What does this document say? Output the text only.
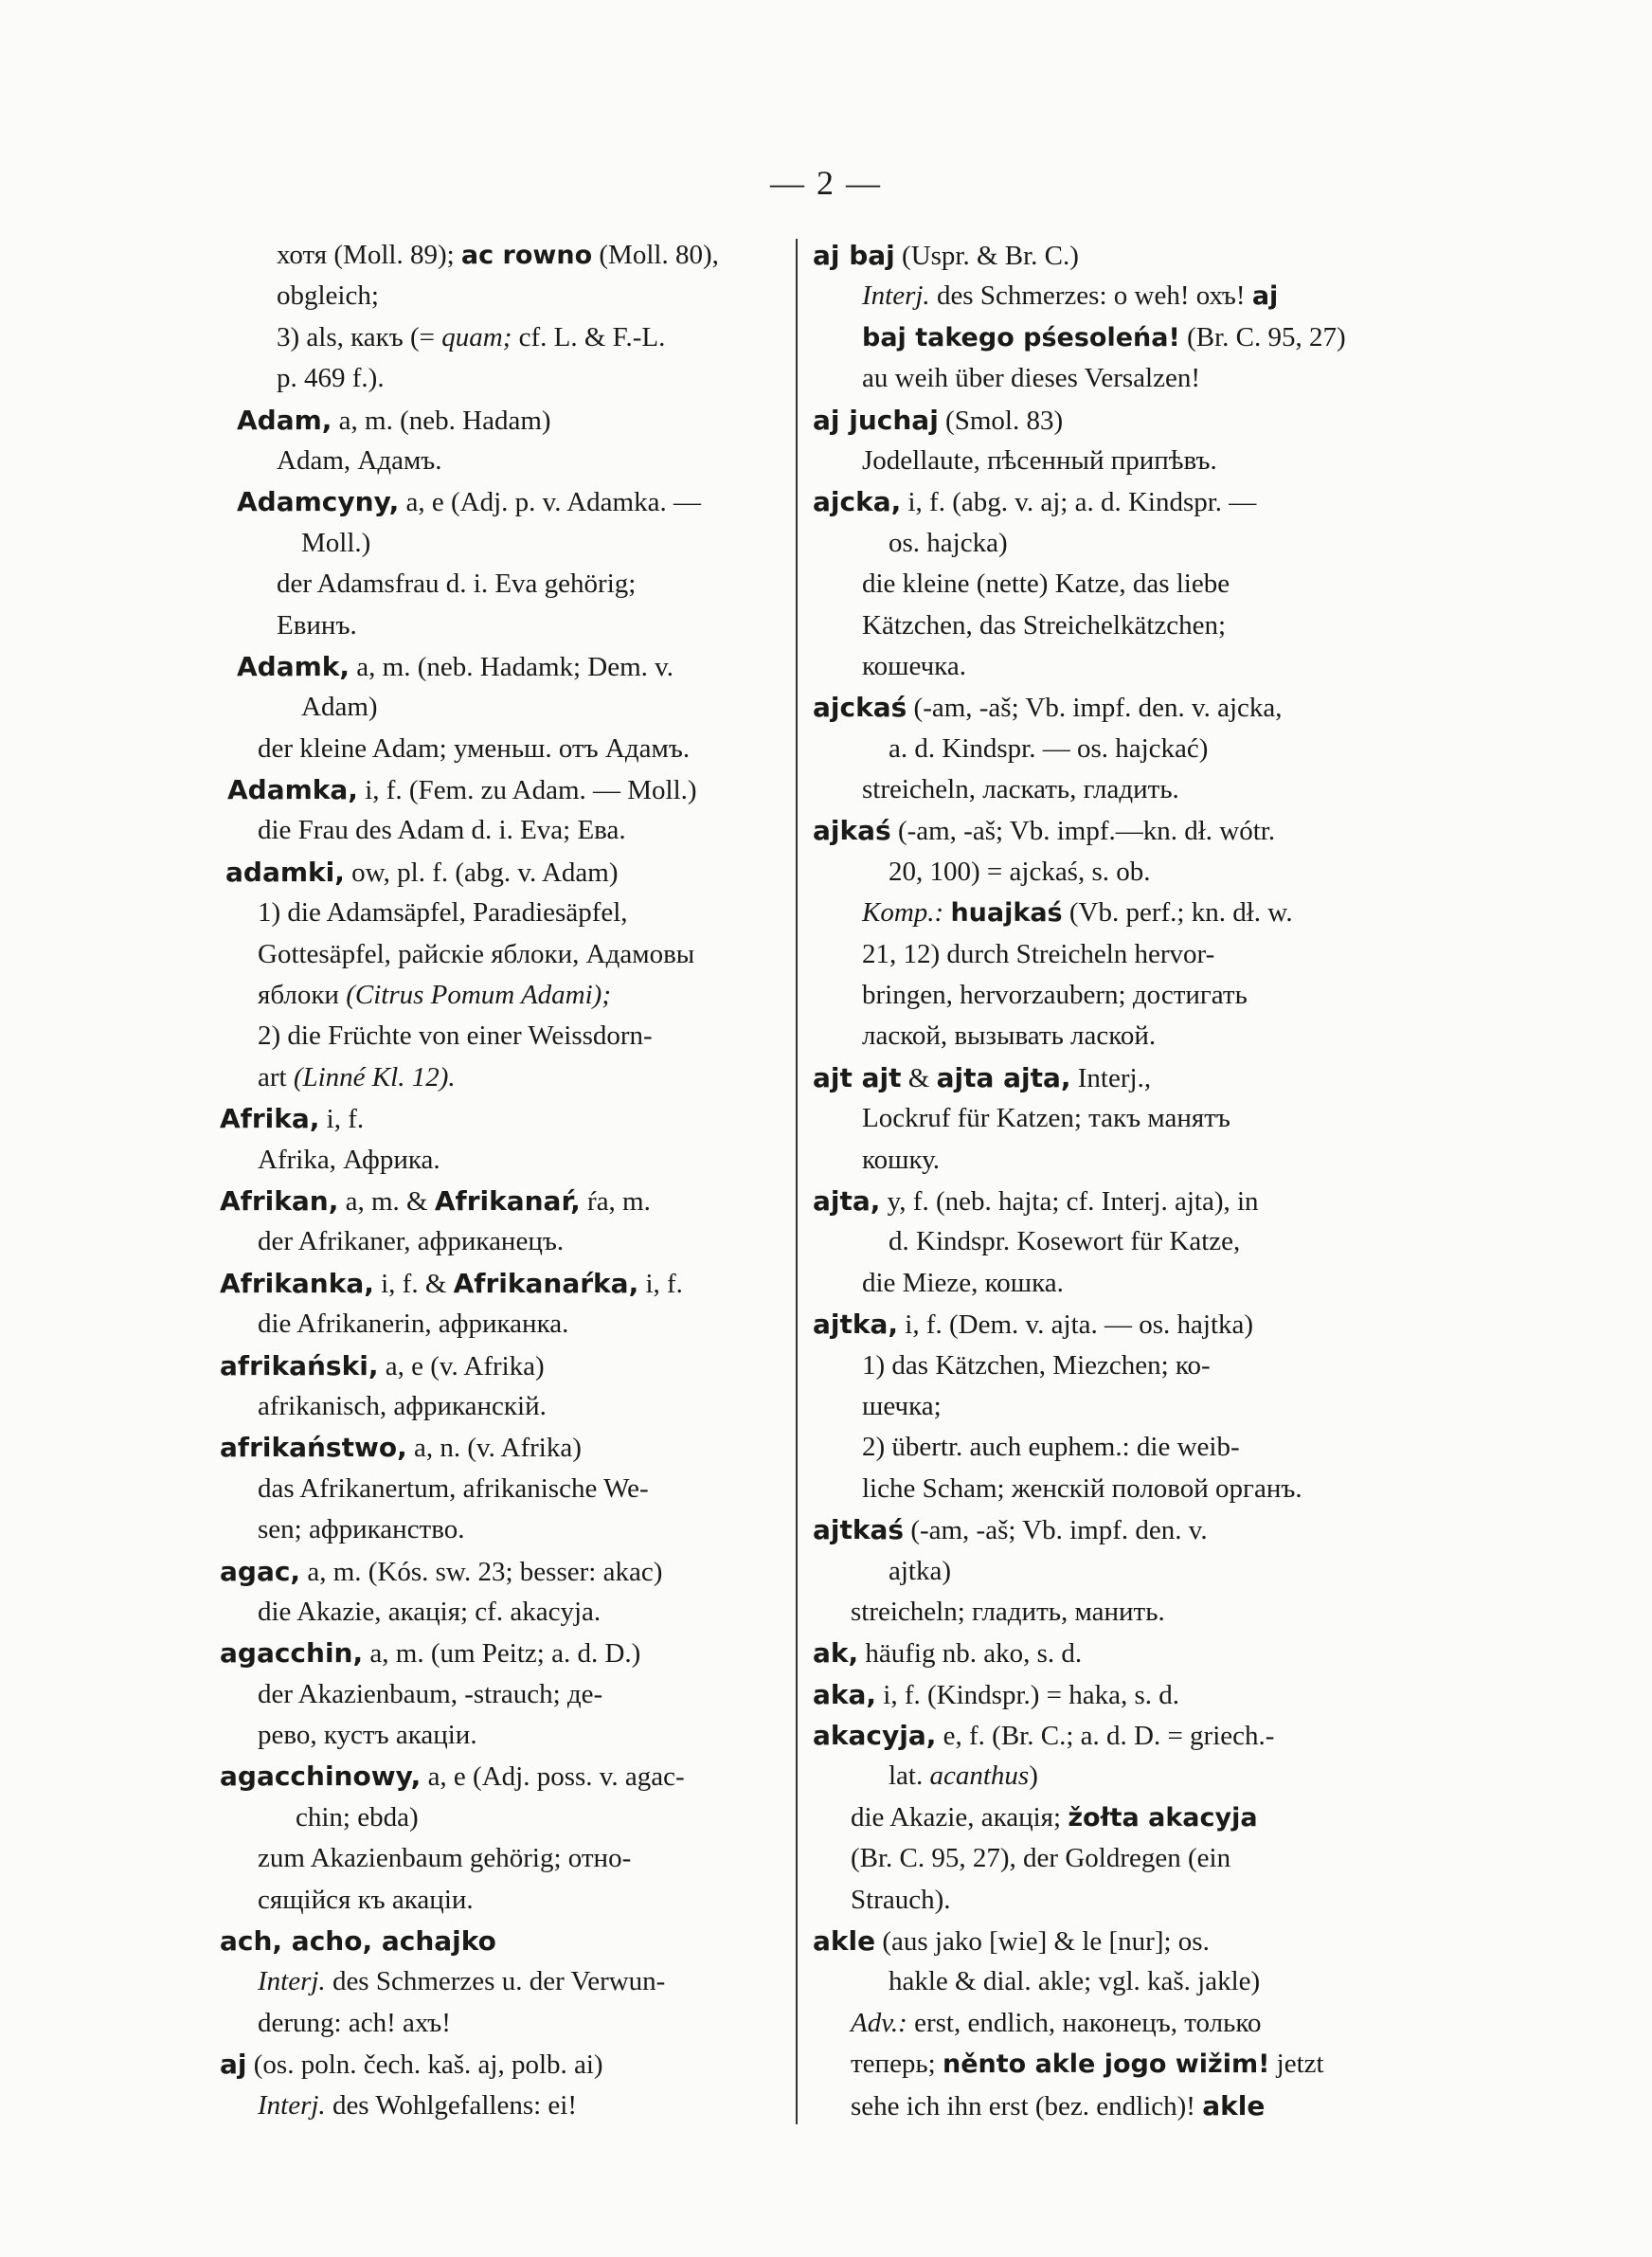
— 2 —
хотя (Moll. 89); ac rowno (Moll. 80),
obgleich;
3) als, какъ (= quam; cf. L. & F.-L.
p. 469 f.).
Adam, a, m. (neb. Hadam)
Adam, Адамъ.
Adamcyny, a, e (Adj. p. v. Adamka. —
Moll.)
der Adamsfrau d. i. Eva gehörig;
Евинъ.
Adamk, a, m. (neb. Hadamk; Dem. v.
Adam)
der kleine Adam; уменьш. отъ Адамъ.
Adamka, i, f. (Fem. zu Adam. — Moll.)
die Frau des Adam d. i. Eva; Ева.
adamki, ow, pl. f. (abg. v. Adam)
1) die Adamsäpfel, Paradiesäpfel,
Gottesäpfel, райскіе яблоки, Адамовы
яблоки (Citrus Pomum Adami);
2) die Früchte von einer Weissdorn-
art (Linné Kl. 12).
Afrika, i, f.
Afrika, Африка.
Afrikan, a, m. & Afrikanaŕ, ŕa, m.
der Afrikaner, африканецъ.
Afrikanka, i, f. & Afrikanaŕka, i, f.
die Afrikanerin, африканка.
afrikański, a, e (v. Afrika)
afrikanisch, африканскій.
afrikaństwo, a, n. (v. Afrika)
das Afrikanertum, afrikanische We-
sen; африканство.
agac, a, m. (Kós. sw. 23; besser: akac)
die Akazie, акація; cf. akacyja.
agacchin, a, m. (um Peitz; a. d. D.)
der Akazienbaum, -strauch; де-
рево, кустъ акацiи.
agacchinowy, a, e (Adj. poss. v. agac-
chin; ebda)
zum Akazienbaum gehörig; отно-
сящійся къ акацiи.
ach, acho, achajko
Interj. des Schmerzes u. der Verwun-
derung: ach! ахъ!
aj (os. poln. čech. kaš. aj, polb. ai)
Interj. des Wohlgefallens: ei!
aj baj (Uspr. & Br. C.)
Interj. des Schmerzes: o weh! охъ! aj
baj takego pśesoleńa! (Br. C. 95, 27)
au weih über dieses Versalzen!
aj juchaj (Smol. 83)
Jodellaute, пѣсенный припѣвъ.
ajcka, i, f. (abg. v. aj; a. d. Kindspr. —
os. hajcka)
die kleine (nette) Katze, das liebe
Kätzchen, das Streichelkätzchen;
кошечка.
ajckaś (-am, -aš; Vb. impf. den. v. ajcka,
a. d. Kindspr. — os. hajckać)
streicheln, ласкать, гладить.
ajkaś (-am, -aš; Vb. impf.—kn. dł. wótr.
20, 100) = ajckaś, s. ob.
Komp.: huajkaś (Vb. perf.; kn. dł. w.
21, 12) durch Streicheln hervor-
bringen, hervorzaubern; достигать
лаской, вызывать лаской.
ajt ajt & ajta ajta, Interj.,
Lockruf für Katzen; такъ манятъ
кошку.
ajta, y, f. (neb. hajta; cf. Interj. ajta), in
d. Kindspr. Kosewort für Katze,
die Mieze, кошка.
ajtka, i, f. (Dem. v. ajta. — os. hajtka)
1) das Kätzchen, Miezchen; ко-
шечка;
2) übertr. auch euphem.: die weib-
liche Scham; женскій половой органъ.
ajtkaś (-am, -aš; Vb. impf. den. v.
ajtka)
streicheln; гладить, манить.
ak, häufig nb. ako, s. d.
aka, i, f. (Kindspr.) = haka, s. d.
akacyja, e, f. (Br. C.; a. d. D. = griech.-
lat. acanthus)
die Akazie, акація; žołta akacyja
(Br. C. 95, 27), der Goldregen (ein
Strauch).
akle (aus jako [wie] & le [nur]; os.
hakle & dial. akle; vgl. kaš. jakle)
Adv.: erst, endlich, наконецъ, только
теперь; něnto akle jogo wižim! jetzt
sehe ich ihn erst (bez. endlich)! akle
